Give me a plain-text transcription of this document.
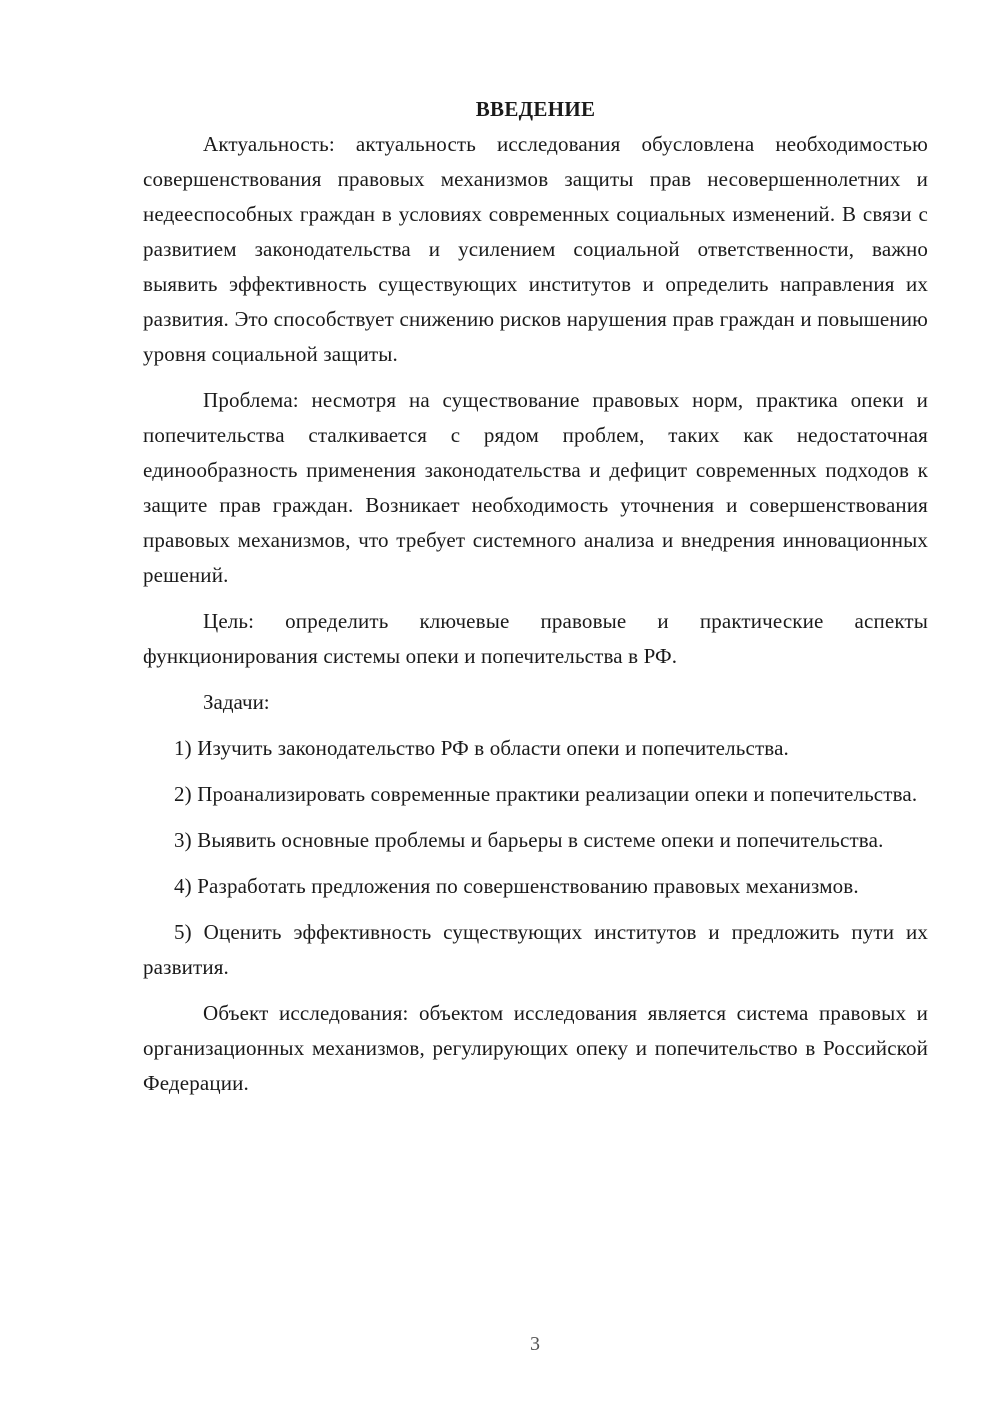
ВВЕДЕНИЕ

Актуальность: актуальность исследования обусловлена необходимостью совершенствования правовых механизмов защиты прав несовершеннолетних и недееспособных граждан в условиях современных социальных изменений. В связи с развитием законодательства и усилением социальной ответственности, важно выявить эффективность существующих институтов и определить направления их развития. Это способствует снижению рисков нарушения прав граждан и повышению уровня социальной защиты.

Проблема: несмотря на существование правовых норм, практика опеки и попечительства сталкивается с рядом проблем, таких как недостаточная единообразность применения законодательства и дефицит современных подходов к защите прав граждан. Возникает необходимость уточнения и совершенствования правовых механизмов, что требует системного анализа и внедрения инновационных решений.

Цель: определить ключевые правовые и практические аспекты функционирования системы опеки и попечительства в РФ.

Задачи:

1) Изучить законодательство РФ в области опеки и попечительства.

2) Проанализировать современные практики реализации опеки и попечительства.

3) Выявить основные проблемы и барьеры в системе опеки и попечительства.

4) Разработать предложения по совершенствованию правовых механизмов.

5) Оценить эффективность существующих институтов и предложить пути их развития.

Объект исследования: объектом исследования является система правовых и организационных механизмов, регулирующих опеку и попечительство в Российской Федерации.

3
